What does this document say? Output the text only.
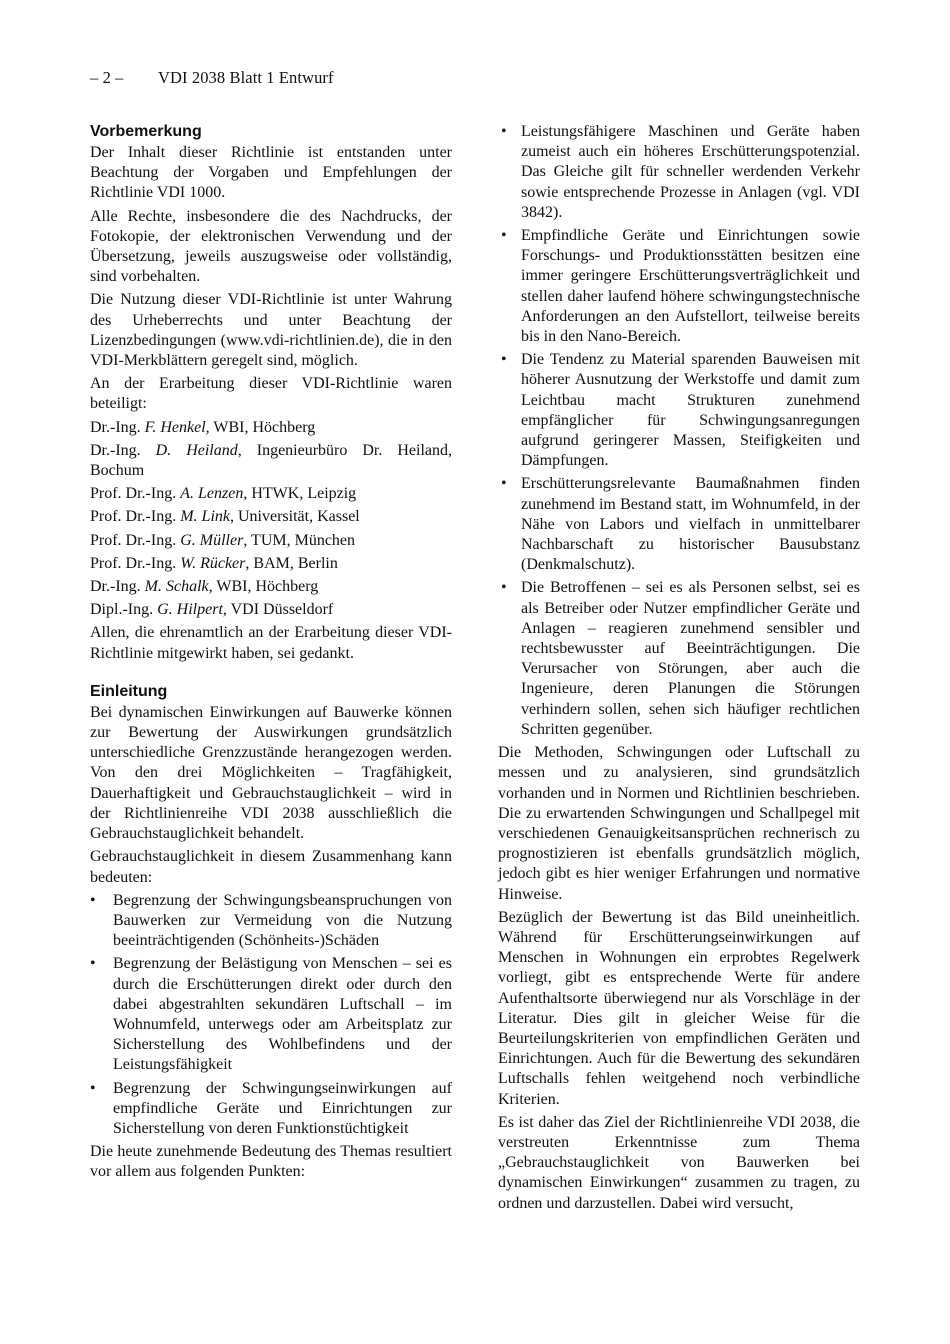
– 2 – VDI 2038 Blatt 1 Entwurf
Vorbemerkung

Der Inhalt dieser Richtlinie ist entstanden unter Beachtung der Vorgaben und Empfehlungen der Richtlinie VDI 1000.

Alle Rechte, insbesondere die des Nachdrucks, der Fotokopie, der elektronischen Verwendung und der Übersetzung, jeweils auszugsweise oder vollständig, sind vorbehalten.

Die Nutzung dieser VDI-Richtlinie ist unter Wahrung des Urheberrechts und unter Beachtung der Lizenzbedingungen (www.vdi-richtlinien.de), die in den VDI-Merkblättern geregelt sind, möglich.

An der Erarbeitung dieser VDI-Richtlinie waren beteiligt:

Dr.-Ing. F. Henkel, WBI, Höchberg
Dr.-Ing. D. Heiland, Ingenieurbüro Dr. Heiland, Bochum
Prof. Dr.-Ing. A. Lenzen, HTWK, Leipzig
Prof. Dr.-Ing. M. Link, Universität, Kassel
Prof. Dr.-Ing. G. Müller, TUM, München
Prof. Dr.-Ing. W. Rücker, BAM, Berlin
Dr.-Ing. M. Schalk, WBI, Höchberg
Dipl.-Ing. G. Hilpert, VDI Düsseldorf

Allen, die ehrenamtlich an der Erarbeitung dieser VDI-Richtlinie mitgewirkt haben, sei gedankt.

Einleitung

Bei dynamischen Einwirkungen auf Bauwerke können zur Bewertung der Auswirkungen grundsätzlich unterschiedliche Grenzzustände herangezogen werden. Von den drei Möglichkeiten – Tragfähigkeit, Dauerhaftigkeit und Gebrauchstauglichkeit – wird in der Richtlinienreihe VDI 2038 ausschließlich die Gebrauchstauglichkeit behandelt.

Gebrauchstauglichkeit in diesem Zusammenhang kann bedeuten:

• Begrenzung der Schwingungsbeanspruchungen von Bauwerken zur Vermeidung von die Nutzung beeinträchtigenden (Schönheits-)Schäden
• Begrenzung der Belästigung von Menschen – sei es durch die Erschütterungen direkt oder durch den dabei abgestrahlten sekundären Luftschall – im Wohnumfeld, unterwegs oder am Arbeitsplatz zur Sicherstellung des Wohlbefindens und der Leistungsfähigkeit
• Begrenzung der Schwingungseinwirkungen auf empfindliche Geräte und Einrichtungen zur Sicherstellung von deren Funktionstüchtigkeit

Die heute zunehmende Bedeutung des Themas resultiert vor allem aus folgenden Punkten:

• Leistungsfähigere Maschinen und Geräte haben zumeist auch ein höheres Erschütterungspotenzial. Das Gleiche gilt für schneller werdenden Verkehr sowie entsprechende Prozesse in Anlagen (vgl. VDI 3842).
• Empfindliche Geräte und Einrichtungen sowie Forschungs- und Produktionsstätten besitzen eine immer geringere Erschütterungsverträglichkeit und stellen daher laufend höhere schwingungstechnische Anforderungen an den Aufstellort, teilweise bereits bis in den Nano-Bereich.
• Die Tendenz zu Material sparenden Bauweisen mit höherer Ausnutzung der Werkstoffe und damit zum Leichtbau macht Strukturen zunehmend empfänglicher für Schwingungsanregungen aufgrund geringerer Massen, Steifigkeiten und Dämpfungen.
• Erschütterungsrelevante Baumaßnahmen finden zunehmend im Bestand statt, im Wohnumfeld, in der Nähe von Labors und vielfach in unmittelbarer Nachbarschaft zu historischer Bausubstanz (Denkmalschutz).
• Die Betroffenen – sei es als Personen selbst, sei es als Betreiber oder Nutzer empfindlicher Geräte und Anlagen – reagieren zunehmend sensibler und rechtsbewusster auf Beeinträchtigungen. Die Verursacher von Störungen, aber auch die Ingenieure, deren Planungen die Störungen verhindern sollen, sehen sich häufiger rechtlichen Schritten gegenüber.

Die Methoden, Schwingungen oder Luftschall zu messen und zu analysieren, sind grundsätzlich vorhanden und in Normen und Richtlinien beschrieben. Die zu erwartenden Schwingungen und Schallpegel mit verschiedenen Genauigkeitsansprüchen rechnerisch zu prognostizieren ist ebenfalls grundsätzlich möglich, jedoch gibt es hier weniger Erfahrungen und normative Hinweise.

Bezüglich der Bewertung ist das Bild uneinheitlich. Während für Erschütterungseinwirkungen auf Menschen in Wohnungen ein erprobtes Regelwerk vorliegt, gibt es entsprechende Werte für andere Aufenthaltsorte überwiegend nur als Vorschläge in der Literatur. Dies gilt in gleicher Weise für die Beurteilungskriterien von empfindlichen Geräten und Einrichtungen. Auch für die Bewertung des sekundären Luftschalls fehlen weitgehend noch verbindliche Kriterien.

Es ist daher das Ziel der Richtlinienreihe VDI 2038, die verstreuten Erkenntnisse zum Thema „Gebrauchstauglichkeit von Bauwerken bei dynamischen Einwirkungen“ zusammen zu tragen, zu ordnen und darzustellen. Dabei wird versucht,
